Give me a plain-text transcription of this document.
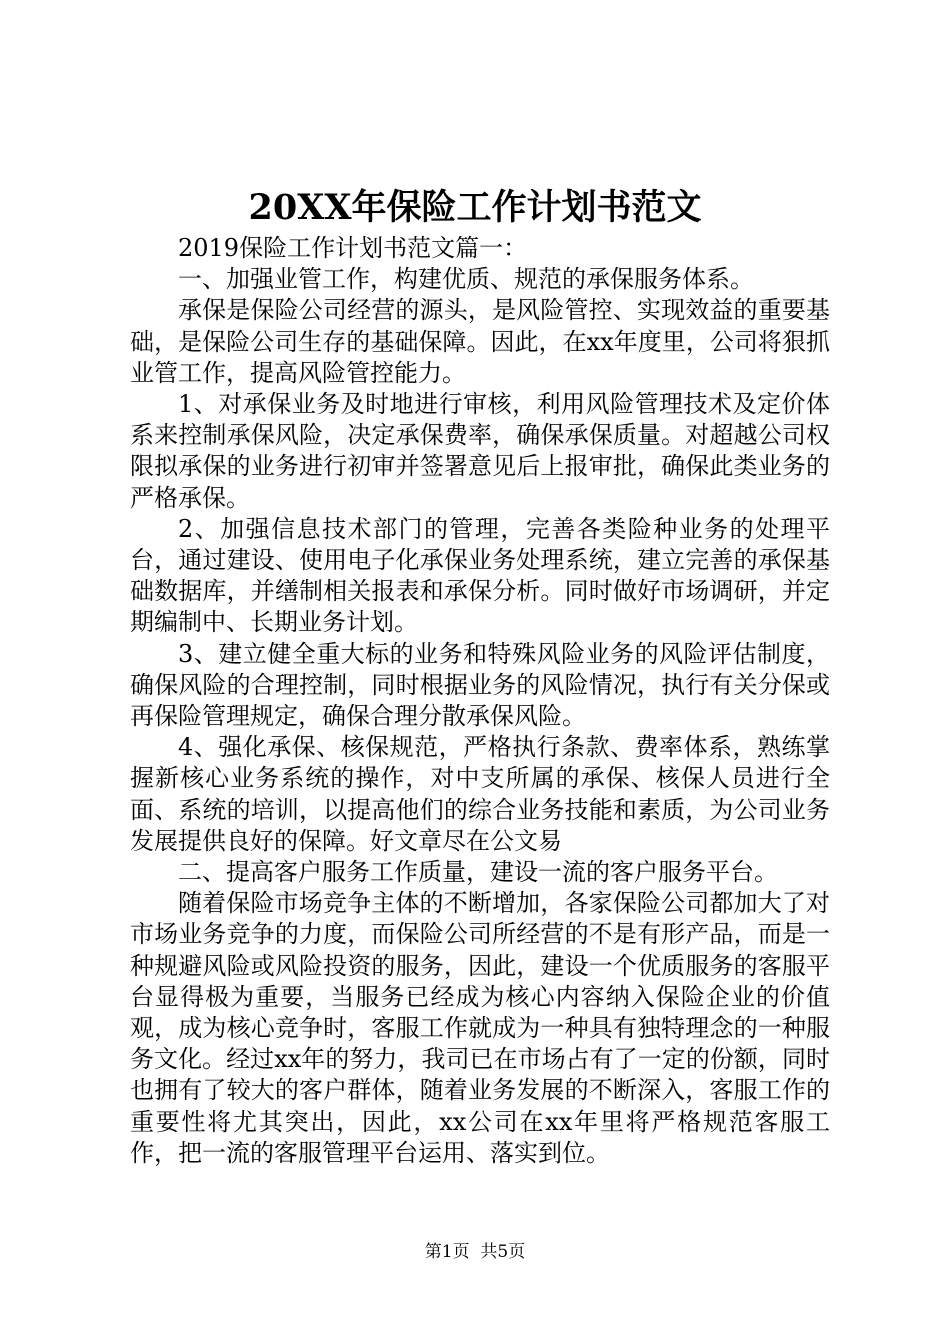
20XX年保险工作计划书范文

2019保险工作计划书范文篇一：

一、加强业管工作，构建优质、规范的承保服务体系。

承保是保险公司经营的源头，是风险管控、实现效益的重要基础，是保险公司生存的基础保障。因此，在xx年度里，公司将狠抓业管工作，提高风险管控能力。

1、对承保业务及时地进行审核，利用风险管理技术及定价体系来控制承保风险，决定承保费率，确保承保质量。对超越公司权限拟承保的业务进行初审并签署意见后上报审批，确保此类业务的严格承保。

2、加强信息技术部门的管理，完善各类险种业务的处理平台，通过建设、使用电子化承保业务处理系统，建立完善的承保基础数据库，并缮制相关报表和承保分析。同时做好市场调研，并定期编制中、长期业务计划。

3、建立健全重大标的业务和特殊风险业务的风险评估制度，确保风险的合理控制，同时根据业务的风险情况，执行有关分保或再保险管理规定，确保合理分散承保风险。

4、强化承保、核保规范，严格执行条款、费率体系，熟练掌握新核心业务系统的操作，对中支所属的承保、核保人员进行全面、系统的培训，以提高他们的综合业务技能和素质，为公司业务发展提供良好的保障。好文章尽在公文易

二、提高客户服务工作质量，建设一流的客户服务平台。

随着保险市场竞争主体的不断增加，各家保险公司都加大了对市场业务竞争的力度，而保险公司所经营的不是有形产品，而是一种规避风险或风险投资的服务，因此，建设一个优质服务的客服平台显得极为重要，当服务已经成为核心内容纳入保险企业的价值观，成为核心竞争时，客服工作就成为一种具有独特理念的一种服务文化。经过xx年的努力，我司已在市场占有了一定的份额，同时也拥有了较大的客户群体，随着业务发展的不断深入，客服工作的重要性将尤其突出，因此，xx公司在xx年里将严格规范客服工作，把一流的客服管理平台运用、落实到位。

第1页  共5页
